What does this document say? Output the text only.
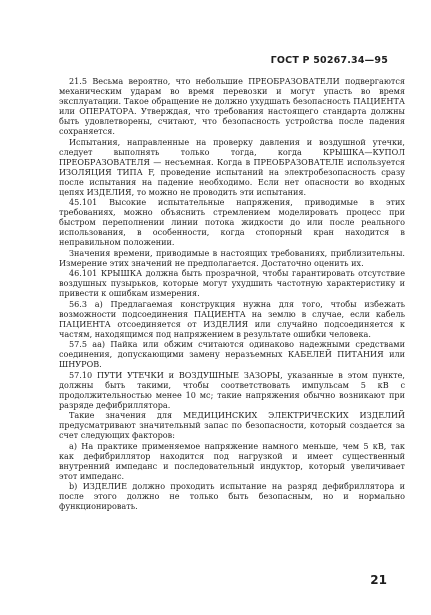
ГОСТ Р 50267.34—95

21.5 Весьма вероятно, что небольшие ПРЕОБРАЗОВАТЕЛИ подвергаются механическим ударам во время перевозки и могут упасть во время эксплуатации. Такое обращение не должно ухудшать безопасность ПАЦИЕНТА или ОПЕРАТОРА. Утверждая, что требования настоящего стандарта должны быть удовлетворены, считают, что безопасность устройства после падения сохраняется.

Испытания, направленные на проверку давления и воздушной утечки, следует выполнять только тогда, когда КРЫШКА—КУПОЛ ПРЕОБРАЗОВАТЕЛЯ — несъемная. Когда в ПРЕОБРАЗОВАТЕЛЕ используется ИЗОЛЯЦИЯ ТИПА F, проведение испытаний на электробезопасность сразу после испытания на падение необходимо. Если нет опасности во входных цепях ИЗДЕЛИЯ, то можно не проводить эти испытания.

45.101 Высокие испытательные напряжения, приводимые в этих требованиях, можно объяснить стремлением моделировать процесс при быстром переполнении линии потока жидкости до или после реального использования, в особенности, когда стопорный кран находится в неправильном положении.

Значения времени, приводимые в настоящих требованиях, приблизительны. Измерение этих значений не предполагается. Достаточно оценить их.

46.101 КРЫШКА должна быть прозрачной, чтобы гарантировать отсутствие воздушных пузырьков, которые могут ухудшить частотную характеристику и привести к ошибкам измерения.

56.3 а) Предлагаемая конструкция нужна для того, чтобы избежать возможности подсоединения ПАЦИЕНТА на землю в случае, если кабель ПАЦИЕНТА отсоединяется от ИЗДЕЛИЯ или случайно подсоединяется к частям, находящимся под напряжением в результате ошибки человека.

57.5 аа) Пайка или обжим считаются одинаково надежными средствами соединения, допускающими замену неразъемных КАБЕЛЕЙ ПИТАНИЯ или ШНУРОВ.

57.10 ПУТИ УТЕЧКИ и ВОЗДУШНЫЕ ЗАЗОРЫ, указанные в этом пункте, должны быть такими, чтобы соответствовать импульсам 5 кВ с продолжительностью менее 10 мс; такие напряжения обычно возникают при разряде дефибриллятора.

Такие значения для МЕДИЦИНСКИХ ЭЛЕКТРИЧЕСКИХ ИЗДЕЛИЙ предусматривают значительный запас по безопасности, который создается за счет следующих факторов:

а) На практике применяемое напряжение намного меньше, чем 5 кВ, так как дефибриллятор находится под нагрузкой и имеет существенный внутренний импеданс и последовательный индуктор, который увеличивает этот импеданс.

b) ИЗДЕЛИЕ должно проходить испытание на разряд дефибриллятора и после этого должно не только быть безопасным, но и нормально функционировать.

21
